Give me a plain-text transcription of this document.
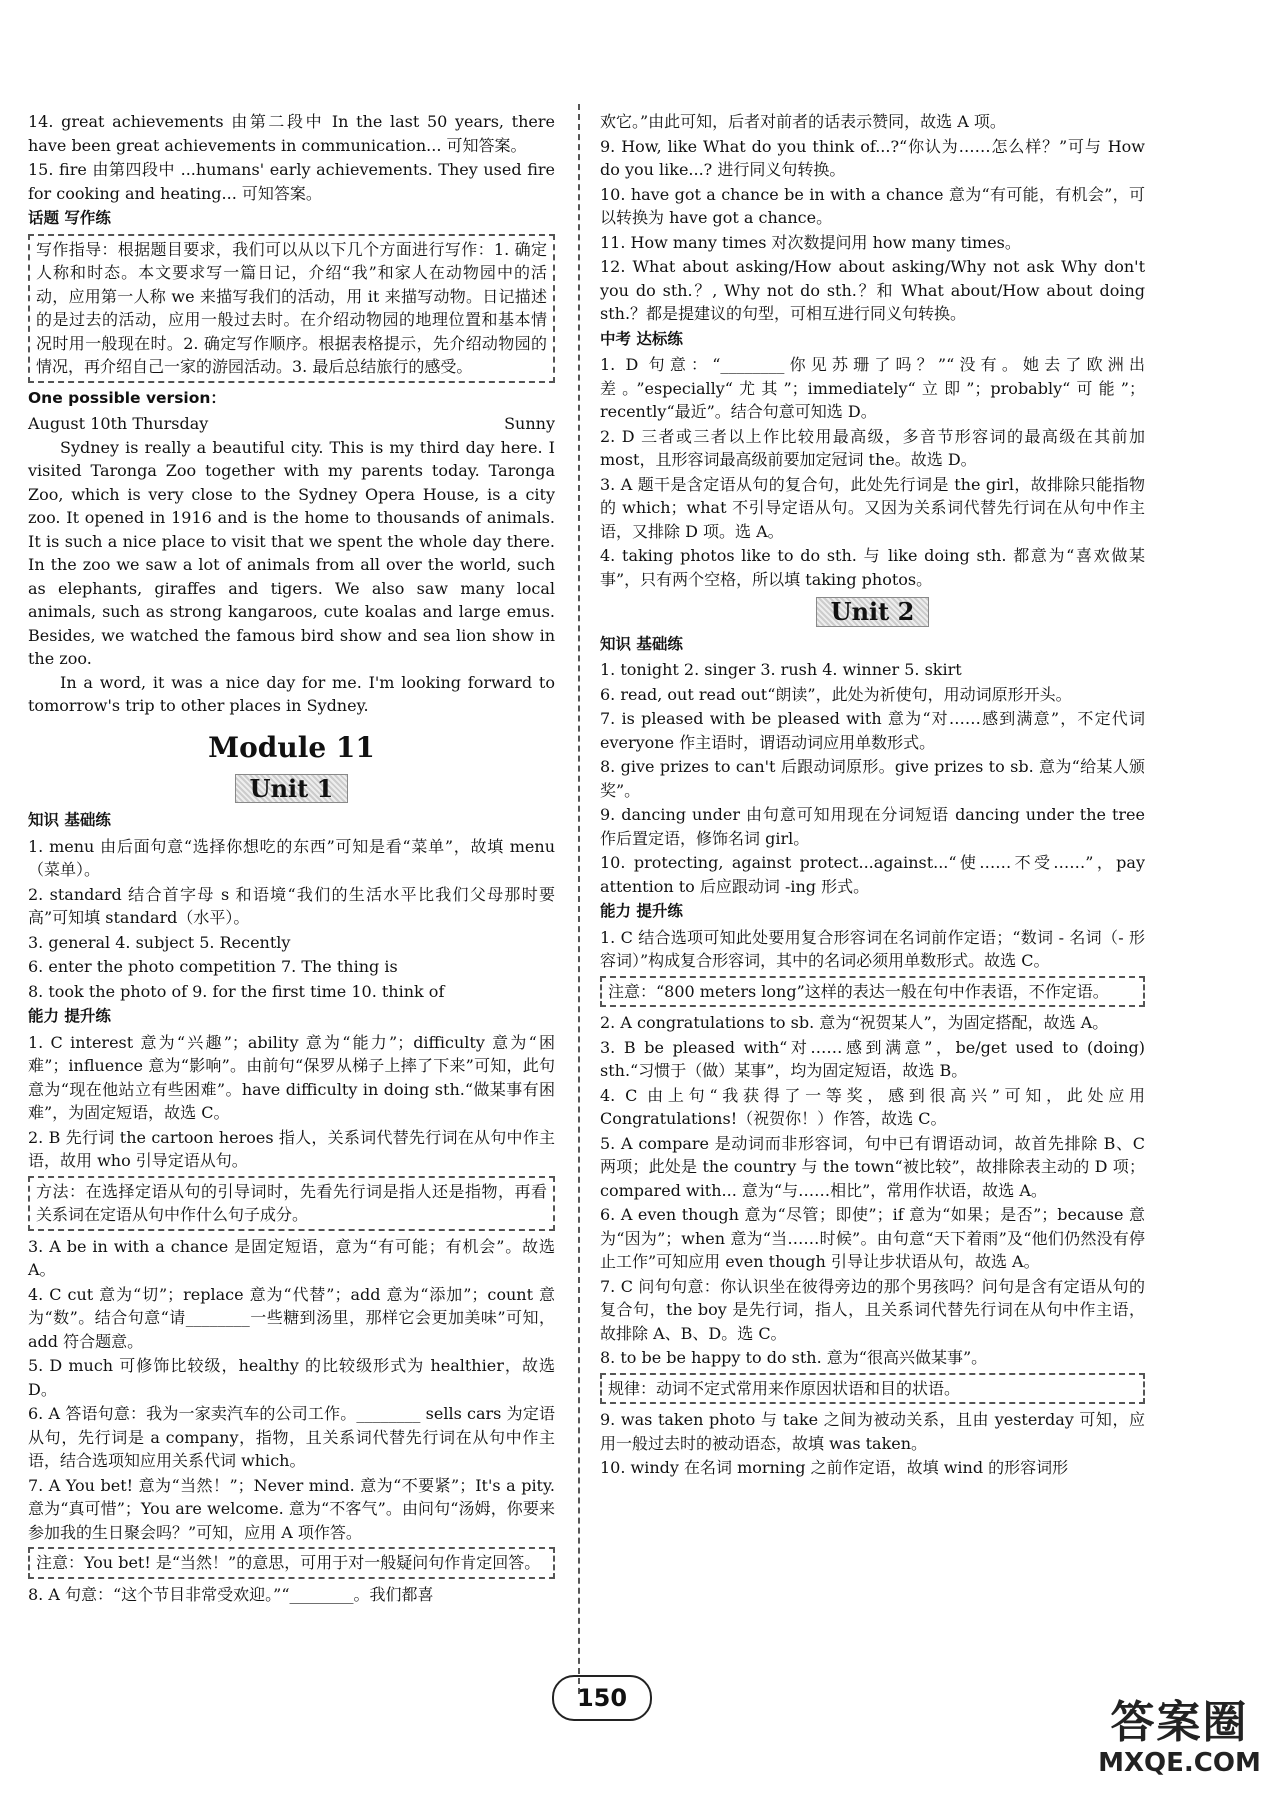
14. great achievements 由第二段中 In the last 50 years, there have been great achievements in communication... 可知答案。
15. fire 由第四段中 ...humans' early achievements. They used fire for cooking and heating... 可知答案。
话题 写作练
写作指导：根据题目要求，我们可以从以下几个方面进行写作：1. 确定人称和时态。本文要求写一篇日记，介绍“我”和家人在动物园中的活动，应用第一人称 we 来描写我们的活动，用 it 来描写动物。日记描述的是过去的活动，应用一般过去时。在介绍动物园的地理位置和基本情况时用一般现在时。2. 确定写作顺序。根据表格提示，先介绍动物园的情况，再介绍自己一家的游园活动。3. 最后总结旅行的感受。
One possible version：
August 10th Thursday	Sunny

Sydney is really a beautiful city. This is my third day here. I visited Taronga Zoo together with my parents today. Taronga Zoo, which is very close to the Sydney Opera House, is a city zoo. It opened in 1916 and is the home to thousands of animals. It is such a nice place to visit that we spent the whole day there. In the zoo we saw a lot of animals from all over the world, such as elephants, giraffes and tigers. We also saw many local animals, such as strong kangaroos, cute koalas and large emus. Besides, we watched the famous bird show and sea lion show in the zoo.

In a word, it was a nice day for me. I'm looking forward to tomorrow's trip to other places in Sydney.

Module 11
Unit 1
知识 基础练
1. menu 由后面句意“选择你想吃的东西”可知是看“菜单”，故填 menu（菜单）。
2. standard 结合首字母 s 和语境“我们的生活水平比我们父母那时要高”可知填 standard（水平）。
3. general 4. subject 5. Recently
6. enter the photo competition 7. The thing is
8. took the photo of 9. for the first time 10. think of
能力 提升练
1. C interest 意为“兴趣”；ability 意为“能力”；difficulty 意为“困难”；influence 意为“影响”。由前句“保罗从梯子上摔了下来”可知，此句意为“现在他站立有些困难”。have difficulty in doing sth.“做某事有困难”，为固定短语，故选 C。
2. B 先行词 the cartoon heroes 指人，关系词代替先行词在从句中作主语，故用 who 引导定语从句。
方法：在选择定语从句的引导词时，先看先行词是指人还是指物，再看关系词在定语从句中作什么句子成分。
3. A be in with a chance 是固定短语，意为“有可能；有机会”。故选 A。
4. C cut 意为“切”；replace 意为“代替”；add 意为“添加”；count 意为“数”。结合句意“请________一些糖到汤里，那样它会更加美味”可知，add 符合题意。
5. D much 可修饰比较级，healthy 的比较级形式为 healthier，故选 D。
6. A 答语句意：我为一家卖汽车的公司工作。________ sells cars 为定语从句，先行词是 a company，指物，且关系词代替先行词在从句中作主语，结合选项知应用关系代词 which。
7. A You bet! 意为“当然！”；Never mind. 意为“不要紧”；It's a pity. 意为“真可惜”；You are welcome. 意为“不客气”。由问句“汤姆，你要来参加我的生日聚会吗？”可知，应用 A 项作答。
注意：You bet! 是“当然！”的意思，可用于对一般疑问句作肯定回答。
8. A 句意：“这个节目非常受欢迎。”“________。我们都喜
欢它。”由此可知，后者对前者的话表示赞同，故选 A 项。
9. How, like What do you think of...?“你认为……怎么样？”可与 How do you like...? 进行同义句转换。
10. have got a chance be in with a chance 意为“有可能，有机会”，可以转换为 have got a chance。
11. How many times 对次数提问用 how many times。
12. What about asking/How about asking/Why not ask Why don't you do sth.？, Why not do sth.？和 What about/How about doing sth.？都是提建议的句型，可相互进行同义句转换。
中考 达标练
1. D 句意：“________你见苏珊了吗？”“没有。她去了欧洲出差。”especially“尤其”；immediately“立即”；probably“可能”；recently“最近”。结合句意可知选 D。
2. D 三者或三者以上作比较用最高级，多音节形容词的最高级在其前加 most，且形容词最高级前要加定冠词 the。故选 D。
3. A 题干是含定语从句的复合句，此处先行词是 the girl，故排除只能指物的 which；what 不引导定语从句。又因为关系词代替先行词在从句中作主语，又排除 D 项。选 A。
4. taking photos like to do sth. 与 like doing sth. 都意为“喜欢做某事”，只有两个空格，所以填 taking photos。
Unit 2
知识 基础练
1. tonight 2. singer 3. rush 4. winner 5. skirt
6. read, out read out“朗读”，此处为祈使句，用动词原形开头。
7. is pleased with be pleased with 意为“对……感到满意”，不定代词 everyone 作主语时，谓语动词应用单数形式。
8. give prizes to can't 后跟动词原形。give prizes to sb. 意为“给某人颁奖”。
9. dancing under 由句意可知用现在分词短语 dancing under the tree 作后置定语，修饰名词 girl。
10. protecting, against protect...against...“使……不受……”，pay attention to 后应跟动词 -ing 形式。
能力 提升练
1. C 结合选项可知此处要用复合形容词在名词前作定语；“数词 - 名词（- 形容词）”构成复合形容词，其中的名词必须用单数形式。故选 C。
注意：“800 meters long”这样的表达一般在句中作表语，不作定语。
2. A congratulations to sb. 意为“祝贺某人”，为固定搭配，故选 A。
3. B be pleased with“对……感到满意”，be/get used to (doing) sth.“习惯于（做）某事”，均为固定短语，故选 B。
4. C 由上句“我获得了一等奖，感到很高兴”可知，此处应用 Congratulations!（祝贺你！）作答，故选 C。
5. A compare 是动词而非形容词，句中已有谓语动词，故首先排除 B、C 两项；此处是 the country 与 the town“被比较”，故排除表主动的 D 项；compared with... 意为“与……相比”，常用作状语，故选 A。
6. A even though 意为“尽管；即使”；if 意为“如果；是否”；because 意为“因为”；when 意为“当……时候”。由句意“天下着雨”及“他们仍然没有停止工作”可知应用 even though 引导让步状语从句，故选 A。
7. C 问句句意：你认识坐在彼得旁边的那个男孩吗？问句是含有定语从句的复合句，the boy 是先行词，指人，且关系词代替先行词在从句中作主语，故排除 A、B、D。选 C。
8. to be be happy to do sth. 意为“很高兴做某事”。
规律：动词不定式常用来作原因状语和目的状语。
9. was taken photo 与 take 之间为被动关系，且由 yesterday 可知，应用一般过去时的被动语态，故填 was taken。
10. windy 在名词 morning 之前作定语，故填 wind 的形容词形
150	答案圈
MXQE.COM
